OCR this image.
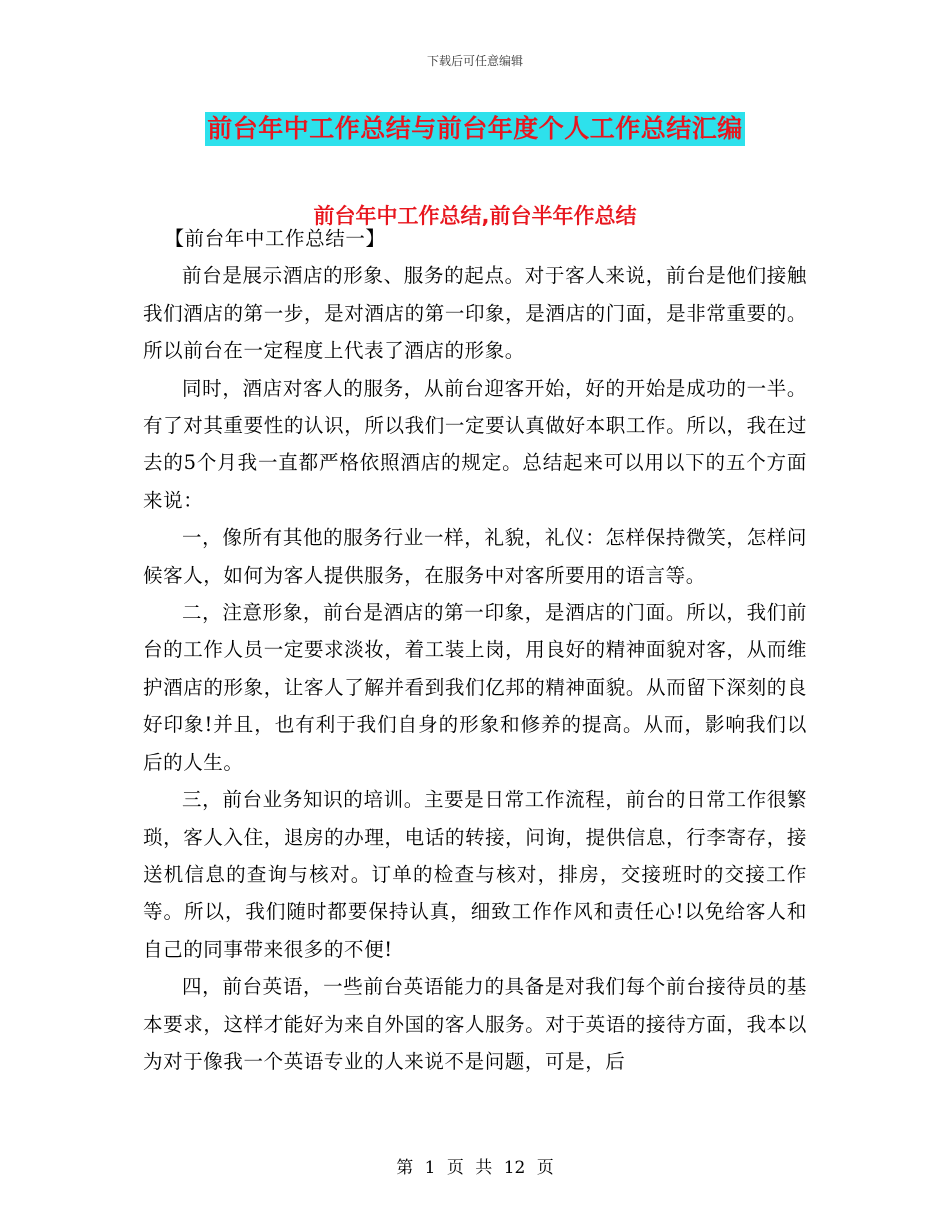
下载后可任意编辑
前台年中工作总结与前台年度个人工作总结汇编
前台年中工作总结,前台半年作总结

【前台年中工作总结一】

前台是展示酒店的形象、服务的起点。对于客人来说，前台是他们接触我们酒店的第一步，是对酒店的第一印象，是酒店的门面，是非常重要的。所以前台在一定程度上代表了酒店的形象。

同时，酒店对客人的服务，从前台迎客开始，好的开始是成功的一半。有了对其重要性的认识，所以我们一定要认真做好本职工作。所以，我在过去的5个月我一直都严格依照酒店的规定。总结起来可以用以下的五个方面来说：

一，像所有其他的服务行业一样，礼貌，礼仪：怎样保持微笑，怎样问候客人，如何为客人提供服务，在服务中对客所要用的语言等。

二，注意形象，前台是酒店的第一印象，是酒店的门面。所以，我们前台的工作人员一定要求淡妆，着工装上岗，用良好的精神面貌对客，从而维护酒店的形象，让客人了解并看到我们亿邦的精神面貌。从而留下深刻的良好印象!并且，也有利于我们自身的形象和修养的提高。从而，影响我们以后的人生。

三，前台业务知识的培训。主要是日常工作流程，前台的日常工作很繁琐，客人入住，退房的办理，电话的转接，问询，提供信息，行李寄存，接送机信息的查询与核对。订单的检查与核对，排房，交接班时的交接工作等。所以，我们随时都要保持认真，细致工作作风和责任心!以免给客人和自己的同事带来很多的不便!

四，前台英语，一些前台英语能力的具备是对我们每个前台接待员的基本要求，这样才能好为来自外国的客人服务。对于英语的接待方面，我本以为对于像我一个英语专业的人来说不是问题，可是，后

第 1 页 共 12 页
